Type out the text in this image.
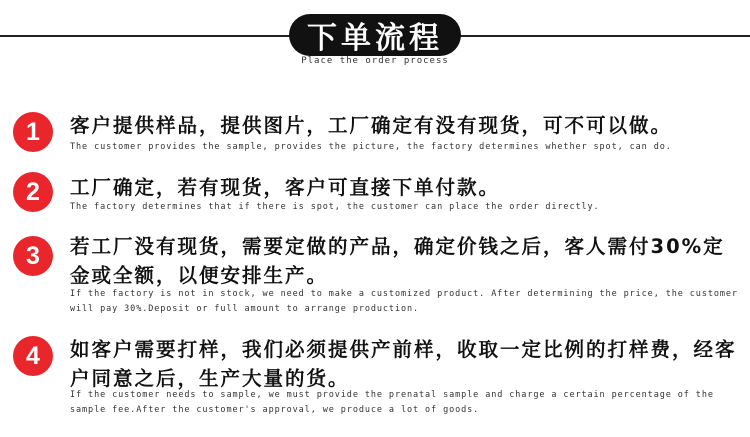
下单流程
Place the order process
1	客户提供样品，提供图片，工厂确定有没有现货，可不可以做。
The customer provides the sample, provides the picture, the factory determines whether spot, can do.
2	工厂确定，若有现货，客户可直接下单付款。
The factory determines that if there is spot, the customer can place the order directly.
3	若工厂没有现货，需要定做的产品，确定价钱之后，客人需付30%定金或全额，以便安排生产。
If the factory is not in stock, we need to make a customized product. After determining the price, the customer will pay 30%.Deposit or full amount to arrange production.
4	如客户需要打样，我们必须提供产前样，收取一定比例的打样费，经客户同意之后，生产大量的货。
If the customer needs to sample, we must provide the prenatal sample and charge a certain percentage of the sample fee.After the customer's approval, we produce a lot of goods.
